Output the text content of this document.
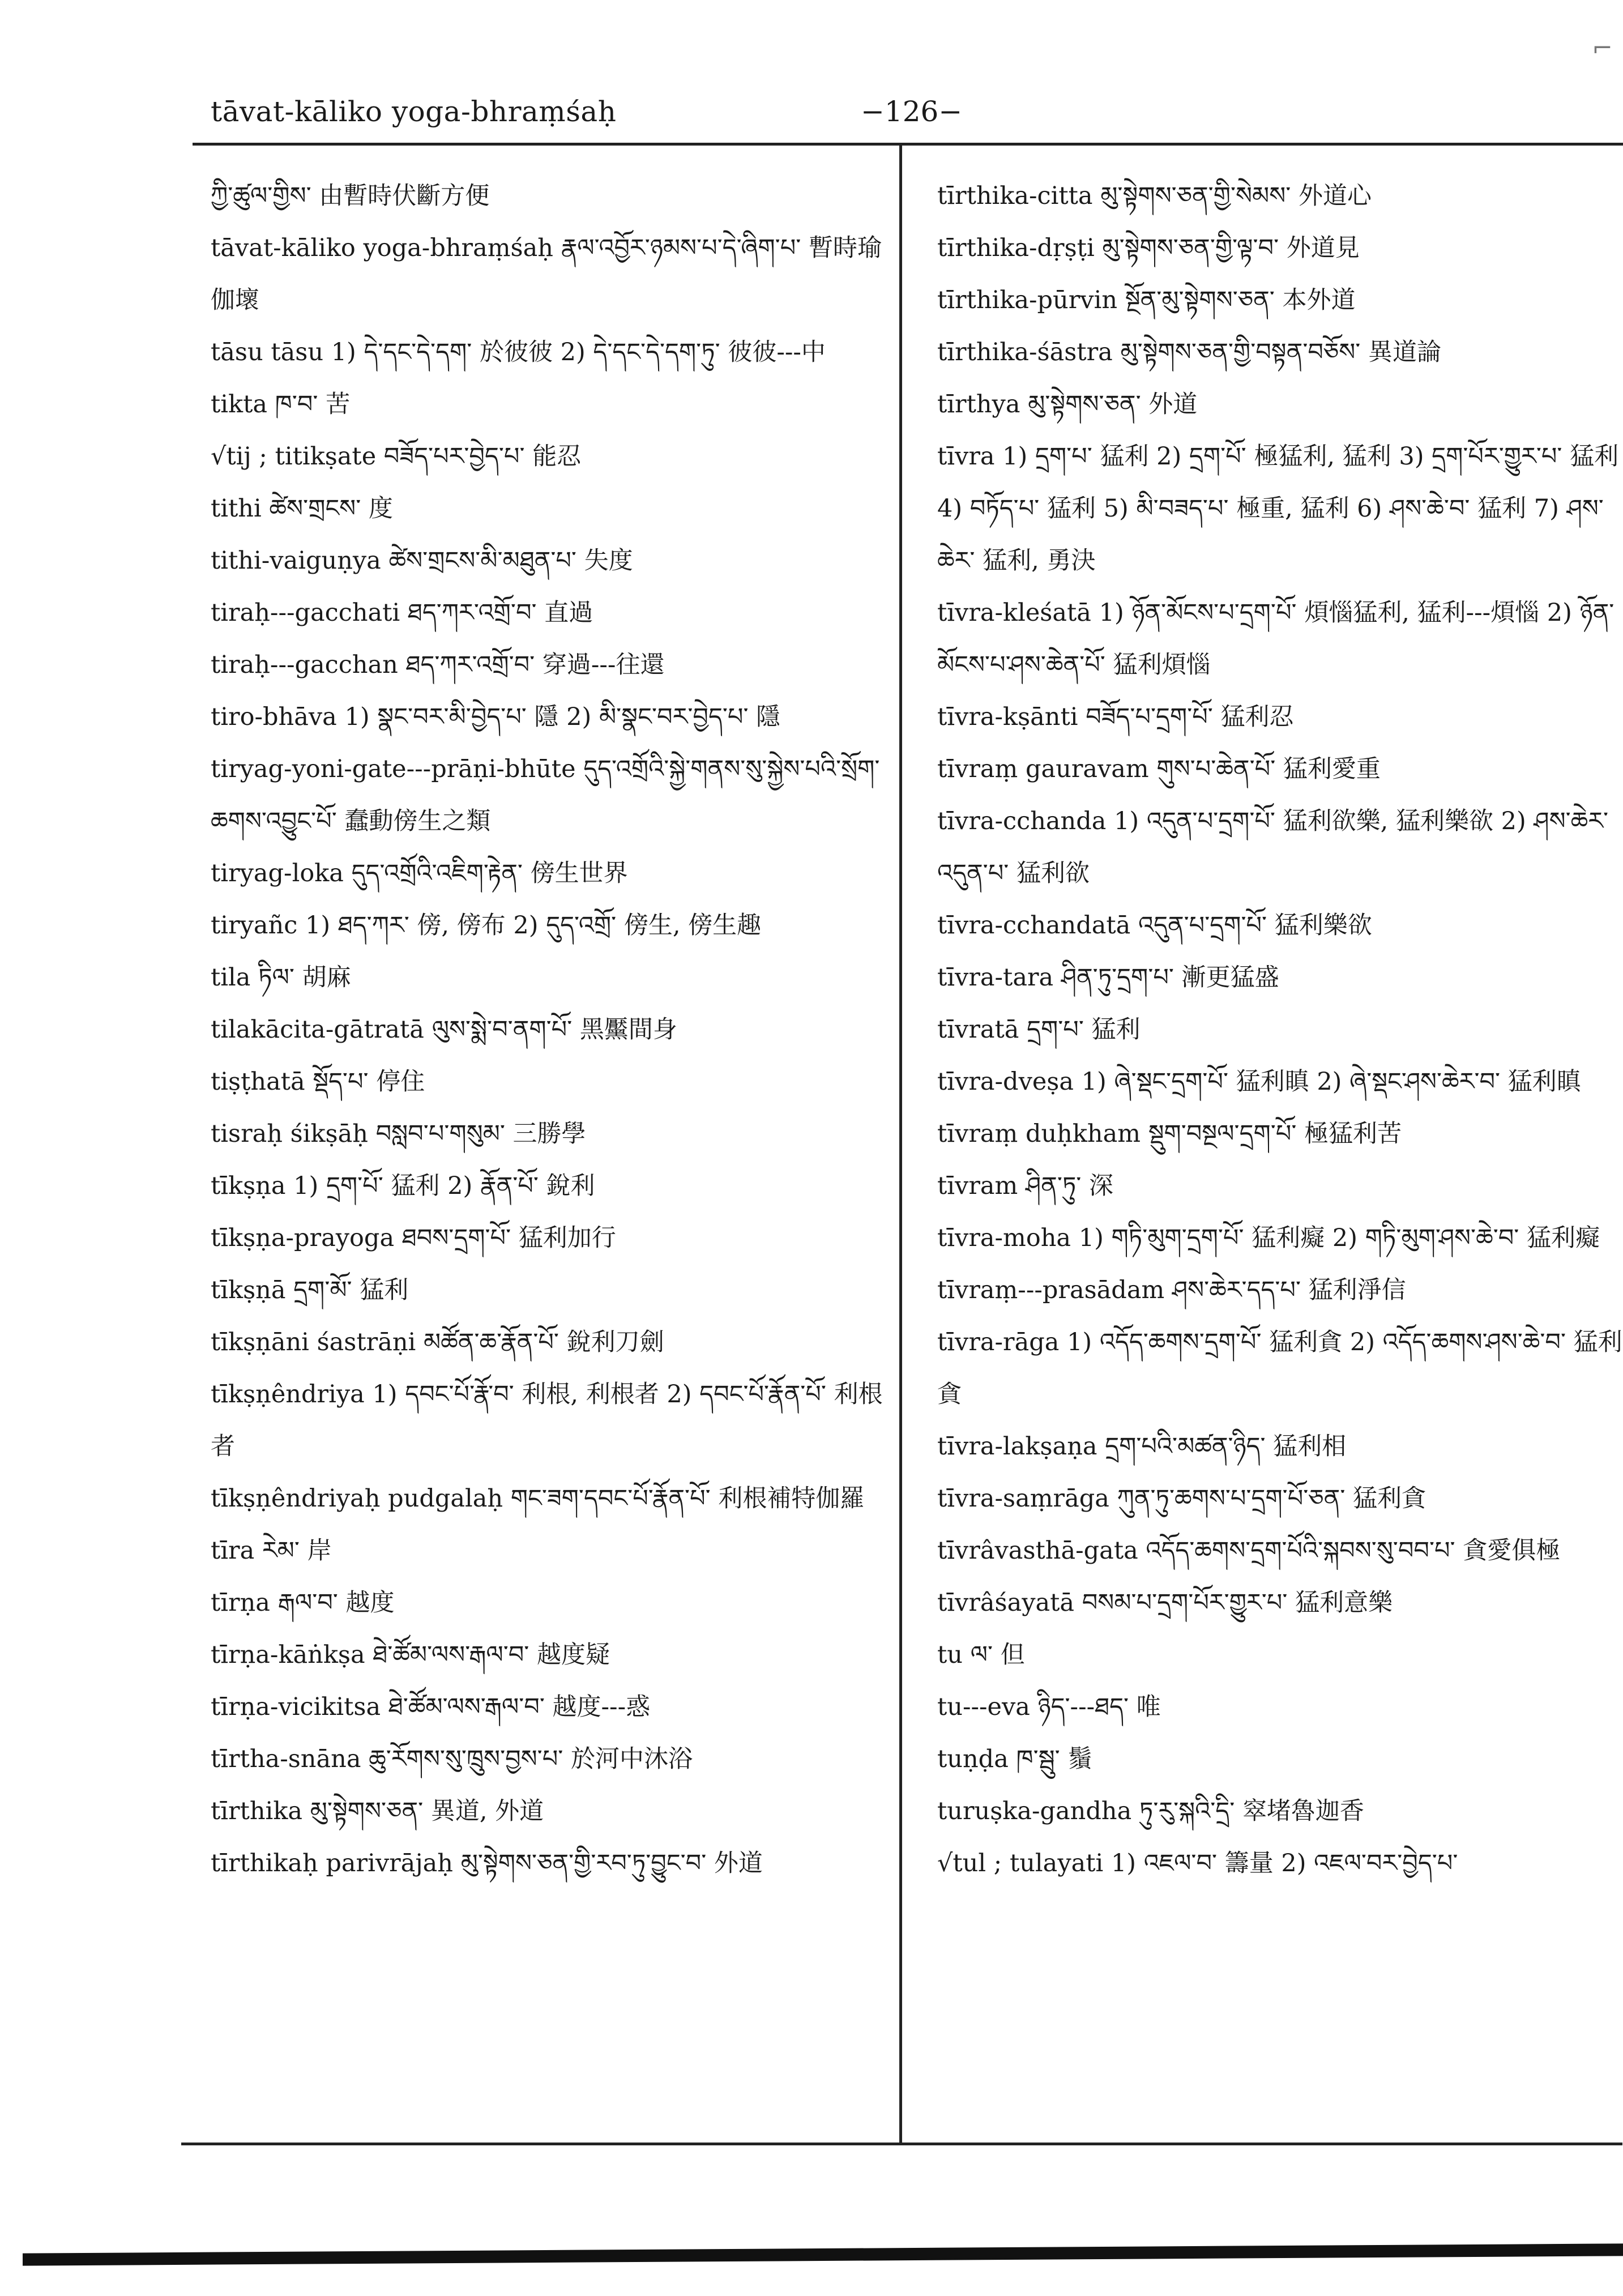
tāvat-kāliko yoga-bhraṃśaḥ	−126−
⌐
ཀྱི་ཚུལ་གྱིས་ 由暫時伏斷方便
tāvat-kāliko yoga-bhraṃśaḥ རྣལ་འབྱོར་ཉམས་པ་དེ་ཞིག་པ་ 暫時瑜伽壞
tāsu tāsu 1) དེ་དང་དེ་དག་ 於彼彼 2) དེ་དང་དེ་དག་ཏུ་ 彼彼---中
tikta ཁ་བ་ 苦
√tij ; titikṣate བཟོད་པར་བྱེད་པ་ 能忍
tithi ཚེས་གྲངས་ 度
tithi-vaiguṇya ཚེས་གྲངས་མི་མཐུན་པ་ 失度
tiraḥ---gacchati ཐད་ཀར་འགྲོ་བ་ 直過
tiraḥ---gacchan ཐད་ཀར་འགྲོ་བ་ 穿過---往還
tiro-bhāva 1) སྣང་བར་མི་བྱེད་པ་ 隱 2) མི་སྣང་བར་བྱེད་པ་ 隱
tiryag-yoni-gate---prāṇi-bhūte དུད་འགྲོའི་སྐྱེ་གནས་སུ་སྐྱེས་པའི་སྲོག་ཆགས་འབྱུང་པོ་ 蠢動傍生之類
tiryag-loka དུད་འགྲོའི་འཇིག་རྟེན་ 傍生世界
tiryañc 1) ཐད་ཀར་ 傍, 傍布 2) དུད་འགྲོ་ 傍生, 傍生趣
tila ཏིལ་ 胡麻
tilakācita-gātratā ལུས་སྨེ་བ་ནག་པོ་ 黑黶間身
tiṣṭhatā སྡོད་པ་ 停住
tisraḥ śikṣāḥ བསླབ་པ་གསུམ་ 三勝學
tīkṣṇa 1) དྲག་པོ་ 猛利 2) རྣོན་པོ་ 銳利
tīkṣṇa-prayoga ཐབས་དྲག་པོ་ 猛利加行
tīkṣṇā དྲག་མོ་ 猛利
tīkṣṇāni śastrāṇi མཚོན་ཆ་རྣོན་པོ་ 銳利刀劍
tīkṣṇêndriya 1) དབང་པོ་རྣོ་བ་ 利根, 利根者 2) དབང་པོ་རྣོན་པོ་ 利根者
tīkṣṇêndriyaḥ pudgalaḥ གང་ཟག་དབང་པོ་རྣོན་པོ་ 利根補特伽羅
tīra རེམ་ 岸
tīrṇa རྒལ་བ་ 越度
tīrṇa-kāṅkṣa ཐེ་ཚོམ་ལས་རྒལ་བ་ 越度疑
tīrṇa-vicikitsa ཐེ་ཚོམ་ལས་རྒལ་བ་ 越度---惑
tīrtha-snāna ཆུ་རོགས་སུ་ཁྲུས་བྱས་པ་ 於河中沐浴
tīrthika མུ་སྟེགས་ཅན་ 異道, 外道
tīrthikaḥ parivrājaḥ མུ་སྟེགས་ཅན་གྱི་རབ་ཏུ་བྱུང་བ་ 外道
tīrthika-citta མུ་སྟེགས་ཅན་གྱི་སེམས་ 外道心
tīrthika-dṛṣṭi མུ་སྟེགས་ཅན་གྱི་ལྟ་བ་ 外道見
tīrthika-pūrvin སྔོན་མུ་སྟེགས་ཅན་ 本外道
tīrthika-śāstra མུ་སྟེགས་ཅན་གྱི་བསྟན་བཅོས་ 異道論
tīrthya མུ་སྟེགས་ཅན་ 外道
tīvra 1) དྲག་པ་ 猛利 2) དྲག་པོ་ 極猛利, 猛利 3) དྲག་པོར་གྱུར་པ་ 猛利 4) བཏོད་པ་ 猛利 5) མི་བཟད་པ་ 極重, 猛利 6) ཤས་ཆེ་བ་ 猛利 7) ཤས་ཆེར་ 猛利, 勇決
tīvra-kleśatā 1) ཉོན་མོངས་པ་དྲག་པོ་ 煩惱猛利, 猛利---煩惱 2) ཉོན་མོངས་པ་ཤས་ཆེན་པོ་ 猛利煩惱
tīvra-kṣānti བཟོད་པ་དྲག་པོ་ 猛利忍
tīvraṃ gauravam གུས་པ་ཆེན་པོ་ 猛利愛重
tīvra-cchanda 1) འདུན་པ་དྲག་པོ་ 猛利欲樂, 猛利樂欲 2) ཤས་ཆེར་འདུན་པ་ 猛利欲
tīvra-cchandatā འདུན་པ་དྲག་པོ་ 猛利樂欲
tīvra-tara ཤིན་ཏུ་དྲག་པ་ 漸更猛盛
tīvratā དྲག་པ་ 猛利
tīvra-dveṣa 1) ཞེ་སྡང་དྲག་པོ་ 猛利瞋 2) ཞེ་སྡང་ཤས་ཆེར་བ་ 猛利瞋
tīvraṃ duḥkham སྡུག་བསྔལ་དྲག་པོ་ 極猛利苦
tīvram ཤིན་ཏུ་ 深
tīvra-moha 1) གཏི་མུག་དྲག་པོ་ 猛利癡 2) གཏི་མུག་ཤས་ཆེ་བ་ 猛利癡
tīvraṃ---prasādam ཤས་ཆེར་དད་པ་ 猛利淨信
tīvra-rāga 1) འདོད་ཆགས་དྲག་པོ་ 猛利貪 2) འདོད་ཆགས་ཤས་ཆེ་བ་ 猛利貪
tīvra-lakṣaṇa དྲག་པའི་མཚན་ཉིད་ 猛利相
tīvra-saṃrāga ཀུན་ཏུ་ཆགས་པ་དྲག་པོ་ཅན་ 猛利貪
tīvrâvasthā-gata འདོད་ཆགས་དྲག་པོའི་སྐབས་སུ་བབ་པ་ 貪愛俱極
tīvrâśayatā བསམ་པ་དྲག་པོར་གྱུར་པ་ 猛利意樂
tu ལ་ 但
tu---eva ཉིད་---ཐད་ 唯
tuṇḍa ཁ་སྦུ་ 鬚
turuṣka-gandha ཏུ་རུ་སྐའི་དྲི་ 窣堵魯迦香
√tul ; tulayati 1) འཇལ་བ་ 籌量 2) འཇལ་བར་བྱེད་པ་
